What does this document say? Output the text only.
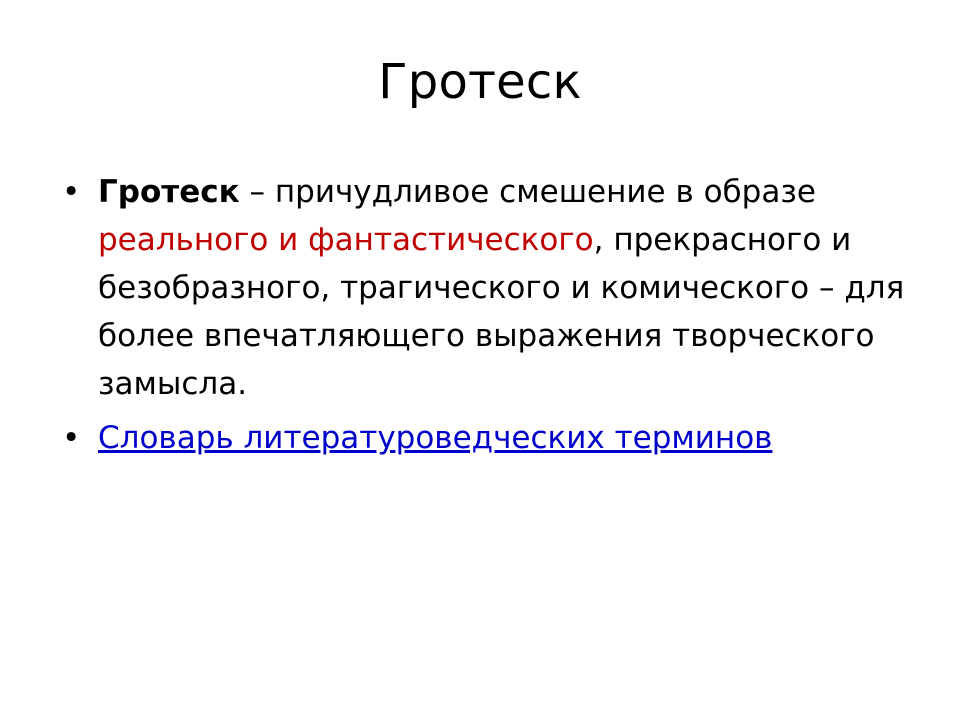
Гротеск
• Гротеск – причудливое смешение в образе реального и фантастического, прекрасного и безобразного, трагического и комического – для более впечатляющего выражения творческого замысла.
• Словарь литературоведческих терминов
